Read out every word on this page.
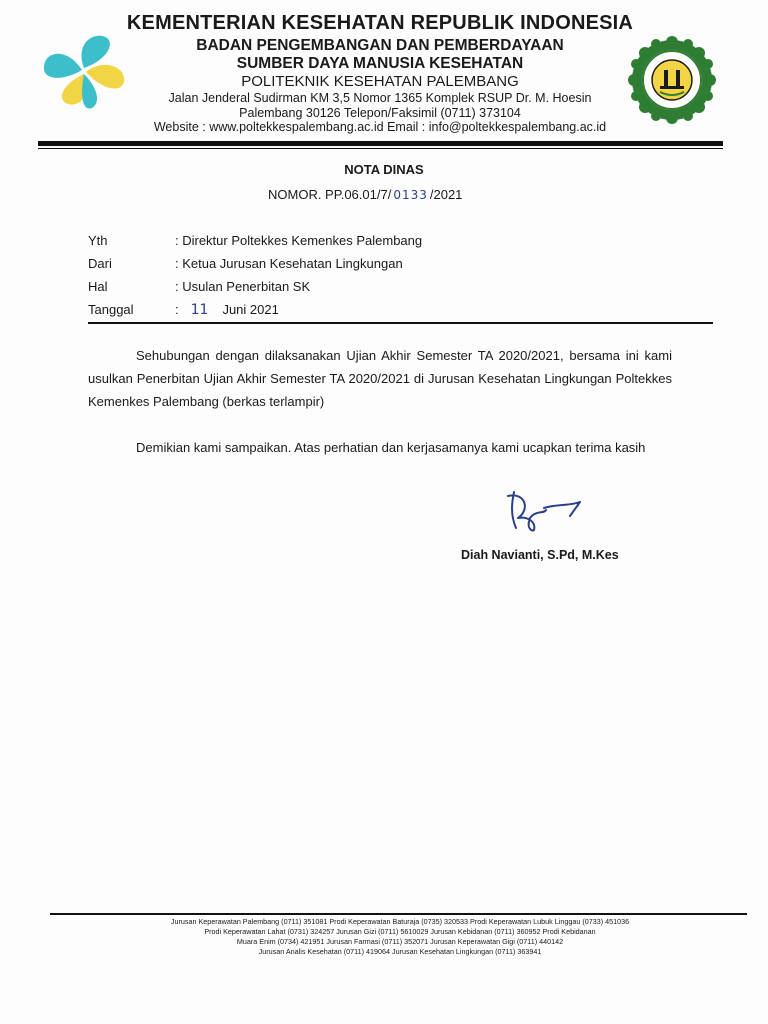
KEMENTERIAN KESEHATAN REPUBLIK INDONESIA
BADAN PENGEMBANGAN DAN PEMBERDAYAAN
SUMBER DAYA MANUSIA KESEHATAN
POLITEKNIK KESEHATAN PALEMBANG
Jalan Jenderal Sudirman KM 3,5 Nomor 1365 Komplek RSUP Dr. M. Hoesin
Palembang 30126 Telepon/Faksimil (0711) 373104
Website : www.poltekkespalembang.ac.id Email : info@poltekkespalembang.ac.id
NOTA DINAS
NOMOR. PP.06.01/7/ 0133 /2021
Yth	: Direktur Poltekkes Kemenkes Palembang
Dari	: Ketua Jurusan Kesehatan Lingkungan
Hal	: Usulan Penerbitan SK
Tanggal	: 11 Juni 2021
Sehubungan dengan dilaksanakan Ujian Akhir Semester TA 2020/2021, bersama ini kami usulkan Penerbitan Ujian Akhir Semester TA 2020/2021 di Jurusan Kesehatan Lingkungan Poltekkes Kemenkes Palembang (berkas terlampir)
Demikian kami sampaikan. Atas perhatian dan kerjasamanya kami ucapkan terima kasih
Diah Navianti, S.Pd, M.Kes
Jurusan Keperawatan Palembang (0711) 351081 Prodi Keperawatan Baturaja (0735) 320533 Prodi Keperawatan Lubuk Linggau (0733) 451036
Prodi Keperawatan Lahat (0731) 324257 Jurusan Gizi (0711) 5610029 Jurusan Kebidanan (0711) 360952 Prodi Kebidanan
Muara Enim (0734) 421951 Jurusan Farmasi (0711) 352071 Jurusan Keperawatan Gigi (0711) 440142
Jurusan Analis Kesehatan (0711) 419064 Jurusan Kesehatan Lingkungan (0711) 363941
